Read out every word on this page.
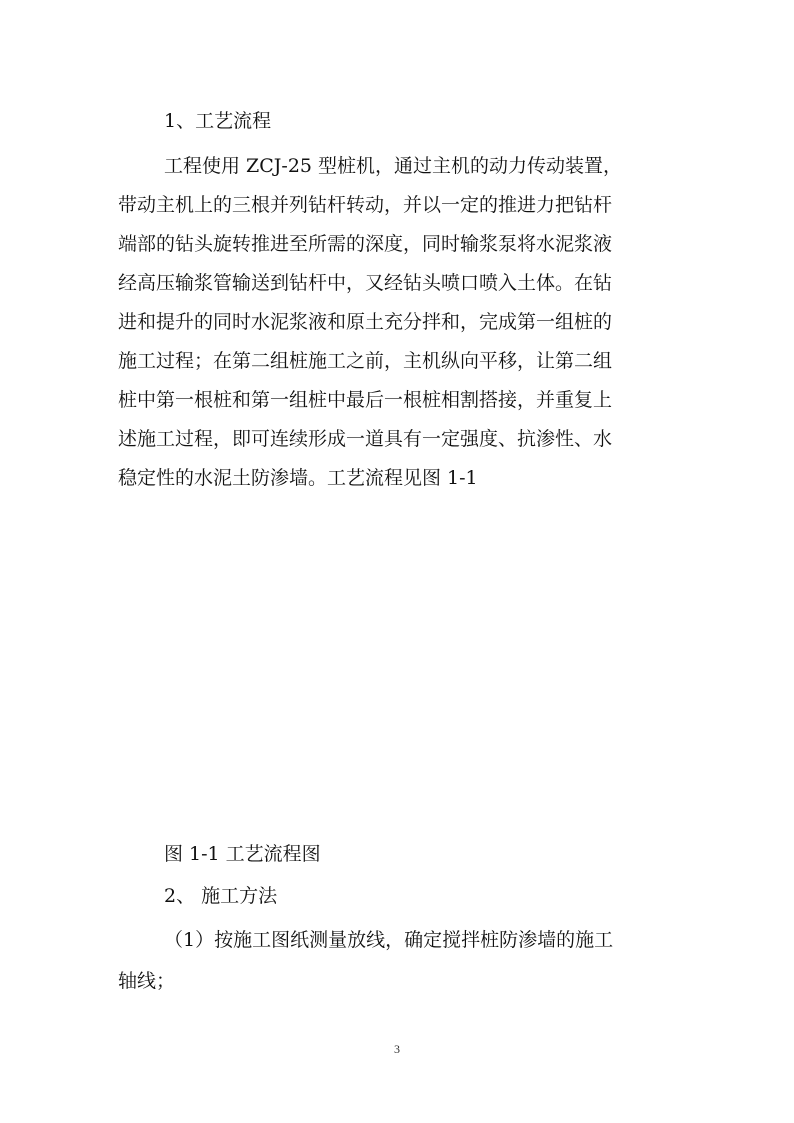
1、工艺流程

工程使用 ZCJ-25 型桩机，通过主机的动力传动装置，

带动主机上的三根并列钻杆转动，并以一定的推进力把钻杆

端部的钻头旋转推进至所需的深度，同时输浆泵将水泥浆液

经高压输浆管输送到钻杆中，又经钻头喷口喷入土体。在钻

进和提升的同时水泥浆液和原土充分拌和，完成第一组桩的

施工过程；在第二组桩施工之前，主机纵向平移，让第二组

桩中第一根桩和第一组桩中最后一根桩相割搭接，并重复上

述施工过程，即可连续形成一道具有一定强度、抗渗性、水

稳定性的水泥土防渗墙。工艺流程见图 1-1

图 1-1 工艺流程图

2、 施工方法

（1）按施工图纸测量放线，确定搅拌桩防渗墙的施工

轴线；

3
